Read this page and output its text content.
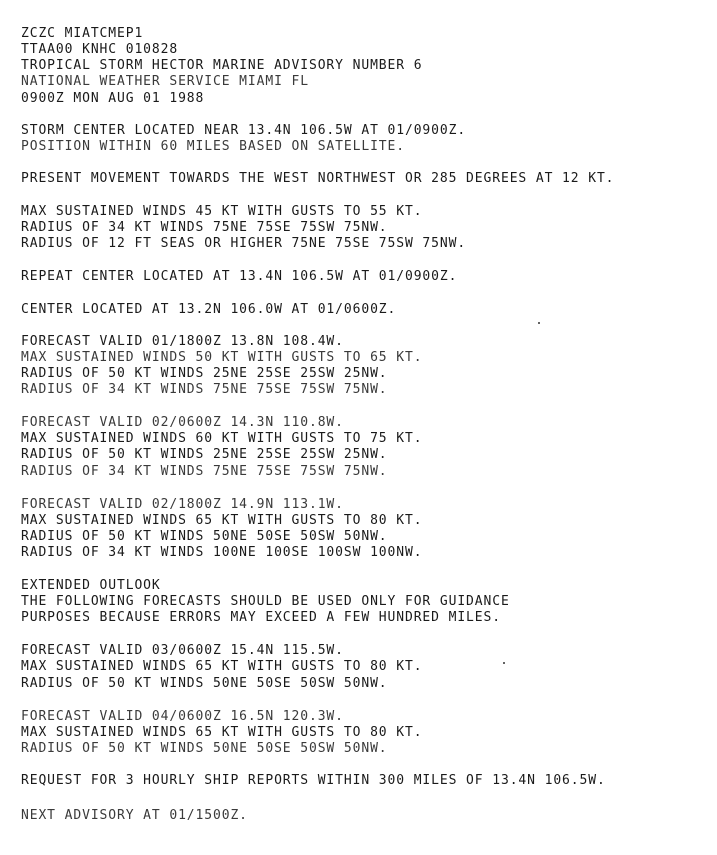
ZCZC MIATCMEP1
TTAA00 KNHC 010828
TROPICAL STORM HECTOR MARINE ADVISORY NUMBER 6
NATIONAL WEATHER SERVICE MIAMI FL
0900Z MON AUG 01 1988
STORM CENTER LOCATED NEAR 13.4N 106.5W AT 01/0900Z.
POSITION WITHIN 60 MILES BASED ON SATELLITE.
PRESENT MOVEMENT TOWARDS THE WEST NORTHWEST OR 285 DEGREES AT 12 KT.
MAX SUSTAINED WINDS 45 KT WITH GUSTS TO 55 KT.
RADIUS OF 34 KT WINDS 75NE 75SE 75SW 75NW.
RADIUS OF 12 FT SEAS OR HIGHER 75NE 75SE 75SW 75NW.
REPEAT CENTER LOCATED AT 13.4N 106.5W AT 01/0900Z.
CENTER LOCATED AT 13.2N 106.0W AT 01/0600Z.
FORECAST VALID 01/1800Z 13.8N 108.4W.
MAX SUSTAINED WINDS 50 KT WITH GUSTS TO 65 KT.
RADIUS OF 50 KT WINDS 25NE 25SE 25SW 25NW.
RADIUS OF 34 KT WINDS 75NE 75SE 75SW 75NW.
FORECAST VALID 02/0600Z 14.3N 110.8W.
MAX SUSTAINED WINDS 60 KT WITH GUSTS TO 75 KT.
RADIUS OF 50 KT WINDS 25NE 25SE 25SW 25NW.
RADIUS OF 34 KT WINDS 75NE 75SE 75SW 75NW.
FORECAST VALID 02/1800Z 14.9N 113.1W.
MAX SUSTAINED WINDS 65 KT WITH GUSTS TO 80 KT.
RADIUS OF 50 KT WINDS 50NE 50SE 50SW 50NW.
RADIUS OF 34 KT WINDS 100NE 100SE 100SW 100NW.
EXTENDED OUTLOOK
THE FOLLOWING FORECASTS SHOULD BE USED ONLY FOR GUIDANCE
PURPOSES BECAUSE ERRORS MAY EXCEED A FEW HUNDRED MILES.
FORECAST VALID 03/0600Z 15.4N 115.5W.
MAX SUSTAINED WINDS 65 KT WITH GUSTS TO 80 KT.
RADIUS OF 50 KT WINDS 50NE 50SE 50SW 50NW.
FORECAST VALID 04/0600Z 16.5N 120.3W.
MAX SUSTAINED WINDS 65 KT WITH GUSTS TO 80 KT.
RADIUS OF 50 KT WINDS 50NE 50SE 50SW 50NW.
REQUEST FOR 3 HOURLY SHIP REPORTS WITHIN 300 MILES OF 13.4N 106.5W.
NEXT ADVISORY AT 01/1500Z.
